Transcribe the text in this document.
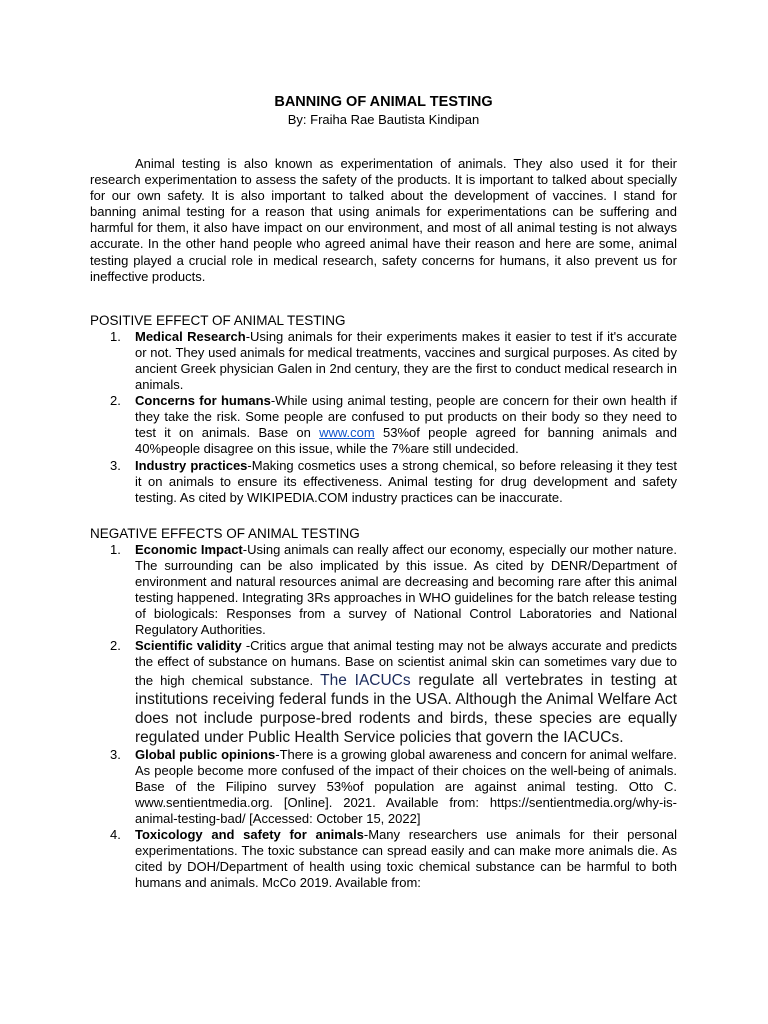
BANNING OF ANIMAL TESTING

By: Fraiha Rae Bautista Kindipan

Animal testing is also known as experimentation of animals. They also used it for their research experimentation to assess the safety of the products. It is important to talked about specially for our own safety. It is also important to talked about the development of vaccines. I stand for banning animal testing for a reason that using animals for experimentations can be suffering and harmful for them, it also have impact on our environment, and most of all animal testing is not always accurate. In the other hand people who agreed animal have their reason and here are some, animal testing played a crucial role in medical research, safety concerns for humans, it also prevent us for ineffective products.

POSITIVE EFFECT OF ANIMAL TESTING

1. Medical Research-Using animals for their experiments makes it easier to test if it's accurate or not. They used animals for medical treatments, vaccines and surgical purposes. As cited by ancient Greek physician Galen in 2nd century, they are the first to conduct medical research in animals.
2. Concerns for humans-While using animal testing, people are concern for their own health if they take the risk. Some people are confused to put products on their body so they need to test it on animals. Base on www.com 53%of people agreed for banning animals and 40%people disagree on this issue, while the 7%are still undecided.
3. Industry practices-Making cosmetics uses a strong chemical, so before releasing it they test it on animals to ensure its effectiveness. Animal testing for drug development and safety testing. As cited by WIKIPEDIA.COM industry practices can be inaccurate.

NEGATIVE EFFECTS OF ANIMAL TESTING

1. Economic Impact-Using animals can really affect our economy, especially our mother nature. The surrounding can be also implicated by this issue. As cited by DENR/Department of environment and natural resources animal are decreasing and becoming rare after this animal testing happened. Integrating 3Rs approaches in WHO guidelines for the batch release testing of biologicals: Responses from a survey of National Control Laboratories and National Regulatory Authorities.
2. Scientific validity -Critics argue that animal testing may not be always accurate and predicts the effect of substance on humans. Base on scientist animal skin can sometimes vary due to the high chemical substance. The IACUCs regulate all vertebrates in testing at institutions receiving federal funds in the USA. Although the Animal Welfare Act does not include purpose-bred rodents and birds, these species are equally regulated under Public Health Service policies that govern the IACUCs.
3. Global public opinions-There is a growing global awareness and concern for animal welfare. As people become more confused of the impact of their choices on the well-being of animals. Base of the Filipino survey 53%of population are against animal testing. Otto C. www.sentientmedia.org. [Online]. 2021. Available from: https://sentientmedia.org/why-is-animal-testing-bad/ [Accessed: October 15, 2022]
4. Toxicology and safety for animals-Many researchers use animals for their personal experimentations. The toxic substance can spread easily and can make more animals die. As cited by DOH/Department of health using toxic chemical substance can be harmful to both humans and animals. McCo 2019. Available from:
